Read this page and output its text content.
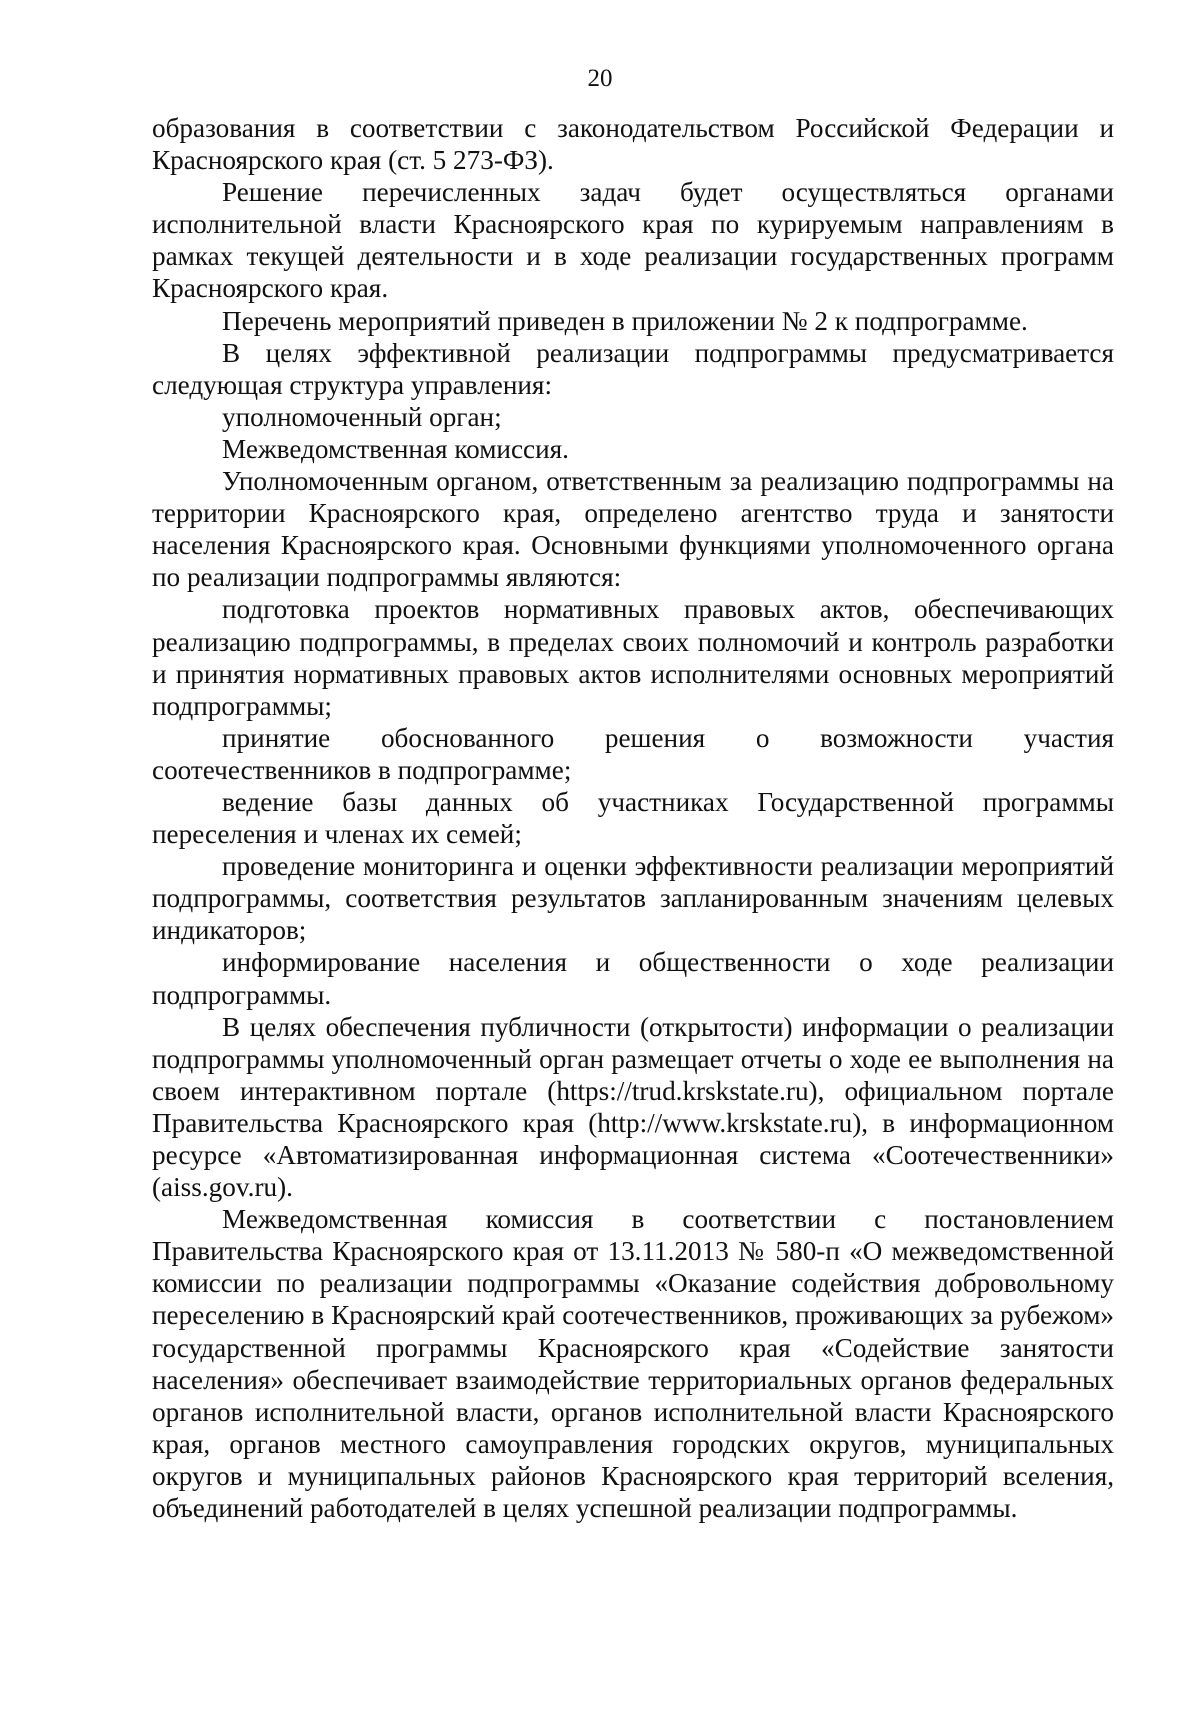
20

образования в соответствии с законодательством Российской Федерации и Красноярского края (ст. 5 273-ФЗ).

Решение перечисленных задач будет осуществляться органами исполнительной власти Красноярского края по курируемым направлениям в рамках текущей деятельности и в ходе реализации государственных программ Красноярского края.

Перечень мероприятий приведен в приложении № 2 к подпрограмме.

В целях эффективной реализации подпрограммы предусматривается следующая структура управления:

уполномоченный орган;

Межведомственная комиссия.

Уполномоченным органом, ответственным за реализацию подпрограммы на территории Красноярского края, определено агентство труда и занятости населения Красноярского края. Основными функциями уполномоченного органа по реализации подпрограммы являются:

подготовка проектов нормативных правовых актов, обеспечивающих реализацию подпрограммы, в пределах своих полномочий и контроль разработки и принятия нормативных правовых актов исполнителями основных мероприятий подпрограммы;

принятие обоснованного решения о возможности участия соотечественников в подпрограмме;

ведение базы данных об участниках Государственной программы переселения и членах их семей;

проведение мониторинга и оценки эффективности реализации мероприятий подпрограммы, соответствия результатов запланированным значениям целевых индикаторов;

информирование населения и общественности о ходе реализации подпрограммы.

В целях обеспечения публичности (открытости) информации о реализации подпрограммы уполномоченный орган размещает отчеты о ходе ее выполнения на своем интерактивном портале (https://trud.krskstate.ru), официальном портале Правительства Красноярского края (http://www.krskstate.ru), в информационном ресурсе «Автоматизированная информационная система «Соотечественники» (aiss.gov.ru).

Межведомственная комиссия в соответствии с постановлением Правительства Красноярского края от 13.11.2013 № 580-п «О межведомственной комиссии по реализации подпрограммы «Оказание содействия добровольному переселению в Красноярский край соотечественников, проживающих за рубежом» государственной программы Красноярского края «Содействие занятости населения» обеспечивает взаимодействие территориальных органов федеральных органов исполнительной власти, органов исполнительной власти Красноярского края, органов местного самоуправления городских округов, муниципальных округов и муниципальных районов Красноярского края территорий вселения, объединений работодателей в целях успешной реализации подпрограммы.
